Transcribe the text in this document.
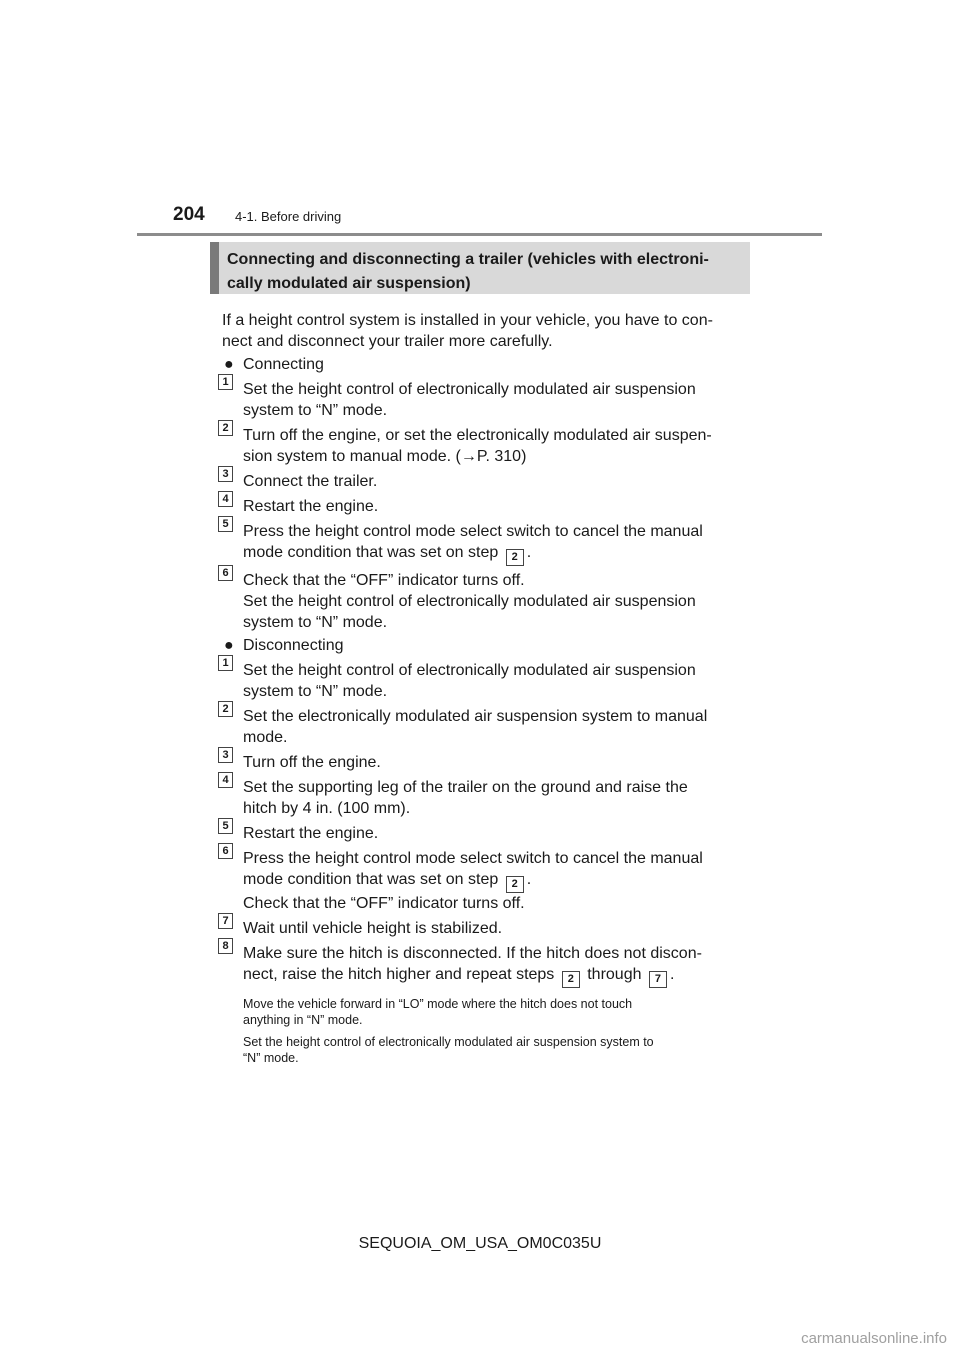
204 4-1. Before driving
Connecting and disconnecting a trailer (vehicles with electroni-
cally modulated air suspension)
If a height control system is installed in your vehicle, you have to con-
nect and disconnect your trailer more carefully.
● Connecting
1 Set the height control of electronically modulated air suspension
system to “N” mode.
2 Turn off the engine, or set the electronically modulated air suspen-
sion system to manual mode. (→P. 310)
3 Connect the trailer.
4 Restart the engine.
5 Press the height control mode select switch to cancel the manual
mode condition that was set on step 2 .
6 Check that the “OFF” indicator turns off.
Set the height control of electronically modulated air suspension
system to “N” mode.
● Disconnecting
1 Set the height control of electronically modulated air suspension
system to “N” mode.
2 Set the electronically modulated air suspension system to manual
mode.
3 Turn off the engine.
4 Set the supporting leg of the trailer on the ground and raise the
hitch by 4 in. (100 mm).
5 Restart the engine.
6 Press the height control mode select switch to cancel the manual
mode condition that was set on step 2 .
Check that the “OFF” indicator turns off.
7 Wait until vehicle height is stabilized.
8 Make sure the hitch is disconnected. If the hitch does not discon-
nect, raise the hitch higher and repeat steps 2 through 7 .
Move the vehicle forward in “LO” mode where the hitch does not touch
anything in “N” mode.
Set the height control of electronically modulated air suspension system to
“N” mode.
SEQUOIA_OM_USA_OM0C035U
carmanualsonline.info
